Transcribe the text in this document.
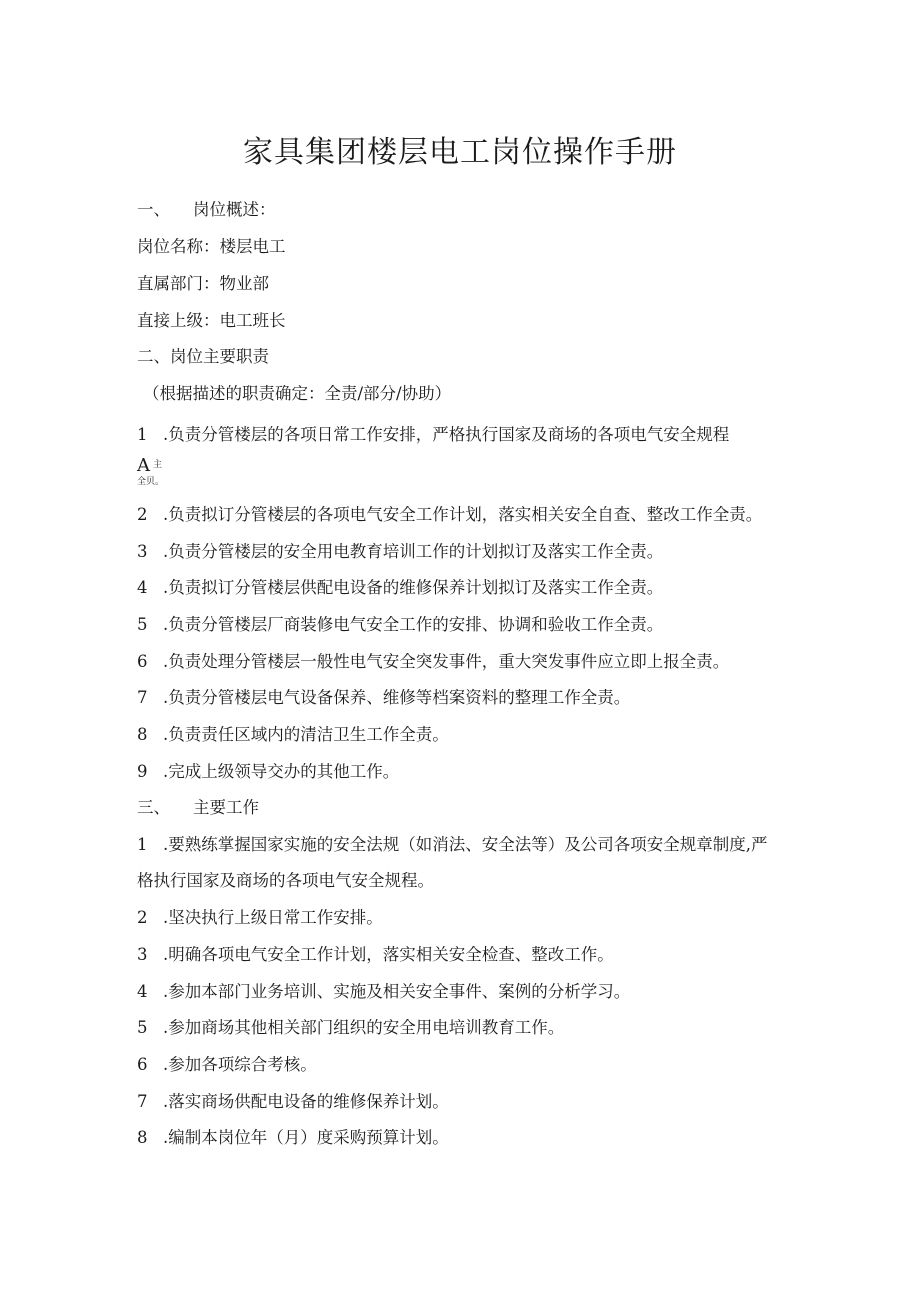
家具集团楼层电工岗位操作手册
一、 岗位概述：
岗位名称：楼层电工
直属部门：物业部
直接上级：电工班长
二、岗位主要职责
（根据描述的职责确定：全责/部分/协助）
1 .负责分管楼层的各项日常工作安排，严格执行国家及商场的各项电气安全规程
A $^主$
全贝。
2 .负责拟订分管楼层的各项电气安全工作计划，落实相关安全自查、整改工作全责。
3 .负责分管楼层的安全用电教育培训工作的计划拟订及落实工作全责。
4 .负责拟订分管楼层供配电设备的维修保养计划拟订及落实工作全责。
5 .负责分管楼层厂商装修电气安全工作的安排、协调和验收工作全责。
6 .负责处理分管楼层一般性电气安全突发事件，重大突发事件应立即上报全责。
7 .负责分管楼层电气设备保养、维修等档案资料的整理工作全责。
8 .负责责任区域内的清洁卫生工作全责。
9 .完成上级领导交办的其他工作。
三、 主要工作
1 .要熟练掌握国家实施的安全法规（如消法、安全法等）及公司各项安全规章制度,严
格执行国家及商场的各项电气安全规程。
2 .坚决执行上级日常工作安排。
3 .明确各项电气安全工作计划，落实相关安全检查、整改工作。
4 .参加本部门业务培训、实施及相关安全事件、案例的分析学习。
5 .参加商场其他相关部门组织的安全用电培训教育工作。
6 .参加各项综合考核。
7 .落实商场供配电设备的维修保养计划。
8 .编制本岗位年（月）度采购预算计划。
